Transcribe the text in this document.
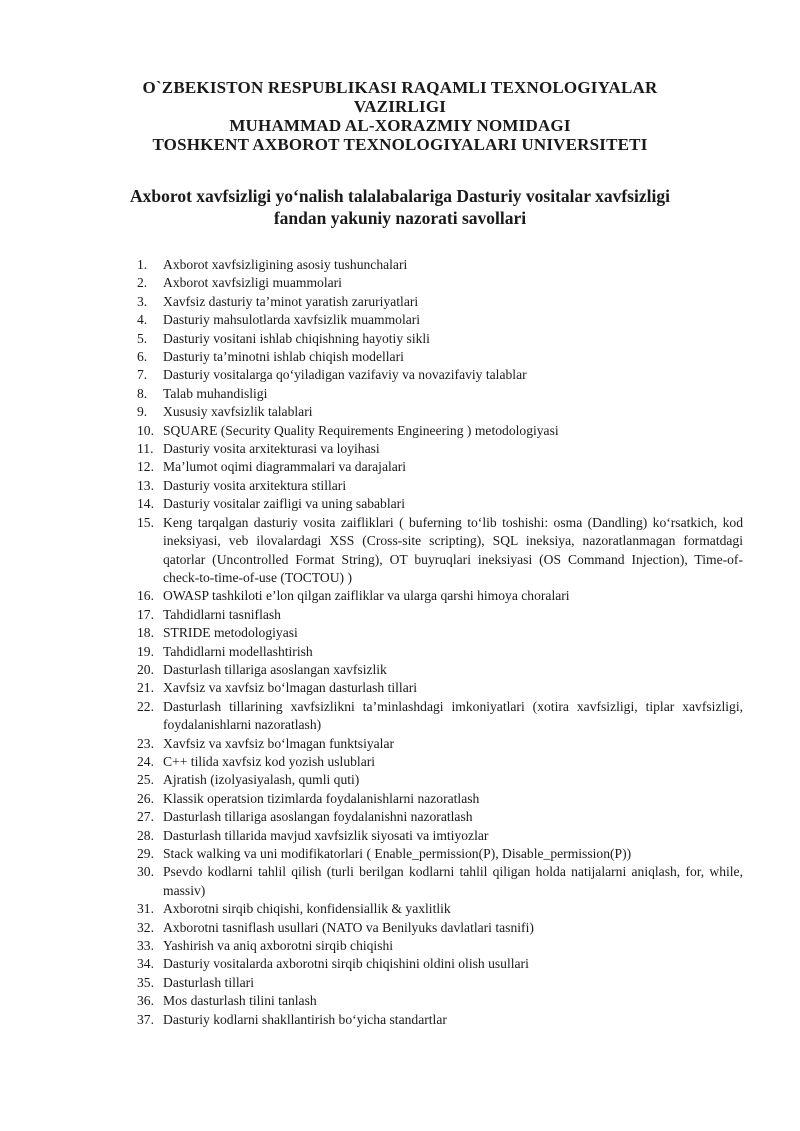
O`ZBEKISTON RESPUBLIKASI RAQAMLI TEXNOLOGIYALAR
VAZIRLIGI
MUHAMMAD AL-XORAZMIY NOMIDAGI
TOSHKENT AXBOROT TEXNOLOGIYALARI UNIVERSITETI
Axborot xavfsizligi yo‘nalish talalabalariga Dasturiy vositalar xavfsizligi
fandan yakuniy nazorati savollari
1.	Axborot xavfsizligining asosiy tushunchalari
2.	Axborot xavfsizligi muammolari
3.	Xavfsiz dasturiy ta’minot yaratish zaruriyatlari
4.	Dasturiy mahsulotlarda xavfsizlik muammolari
5.	Dasturiy vositani ishlab chiqishning hayotiy sikli
6.	Dasturiy ta’minotni ishlab chiqish modellari
7.	Dasturiy vositalarga qo‘yiladigan vazifaviy va novazifaviy talablar
8.	Talab muhandisligi
9.	Xususiy xavfsizlik talablari
10. SQUARE (Security Quality Requirements Engineering ) metodologiyasi
11. Dasturiy vosita arxitekturasi va loyihasi
12. Ma’lumot oqimi diagrammalari va darajalari
13. Dasturiy vosita arxitektura stillari
14. Dasturiy vositalar zaifligi va uning sabablari
15. Keng tarqalgan dasturiy vosita zaifliklari ( buferning to‘lib toshishi: osma (Dandling) ko‘rsatkich, kod ineksiyasi, veb ilovalardagi XSS (Cross-site scripting), SQL ineksiya, nazoratlanmagan formatdagi qatorlar (Uncontrolled Format String), OT buyruqlari ineksiyasi (OS Command Injection), Time-of-check-to-time-of-use (TOCTOU) )
16. OWASP tashkiloti e’lon qilgan zaifliklar va ularga qarshi himoya choralari
17. Tahdidlarni tasniflash
18. STRIDE metodologiyasi
19. Tahdidlarni modellashtirish
20. Dasturlash tillariga asoslangan xavfsizlik
21. Xavfsiz va xavfsiz bo‘lmagan dasturlash tillari
22. Dasturlash tillarining xavfsizlikni ta’minlashdagi imkoniyatlari (xotira xavfsizligi, tiplar xavfsizligi, foydalanishlarni nazoratlash)
23. Xavfsiz va xavfsiz bo‘lmagan funktsiyalar
24. C++ tilida xavfsiz kod yozish uslublari
25. Ajratish (izolyasiyalash, qumli quti)
26. Klassik operatsion tizimlarda foydalanishlarni nazoratlash
27. Dasturlash tillariga asoslangan foydalanishni nazoratlash
28. Dasturlash tillarida mavjud xavfsizlik siyosati va imtiyozlar
29. Stack walking va uni modifikatorlari ( Enable_permission(P), Disable_permission(P))
30. Psevdo kodlarni tahlil qilish (turli berilgan kodlarni tahlil qiligan holda natijalarni aniqlash, for, while, massiv)
31. Axborotni sirqib chiqishi, konfidensiallik & yaxlitlik
32. Axborotni tasniflash usullari (NATO va Benilyuks davlatlari tasnifi)
33. Yashirish va aniq axborotni sirqib chiqishi
34. Dasturiy vositalarda axborotni sirqib chiqishini oldini olish usullari
35. Dasturlash tillari
36. Mos dasturlash tilini tanlash
37. Dasturiy kodlarni shakllantirish bo‘yicha standartlar
